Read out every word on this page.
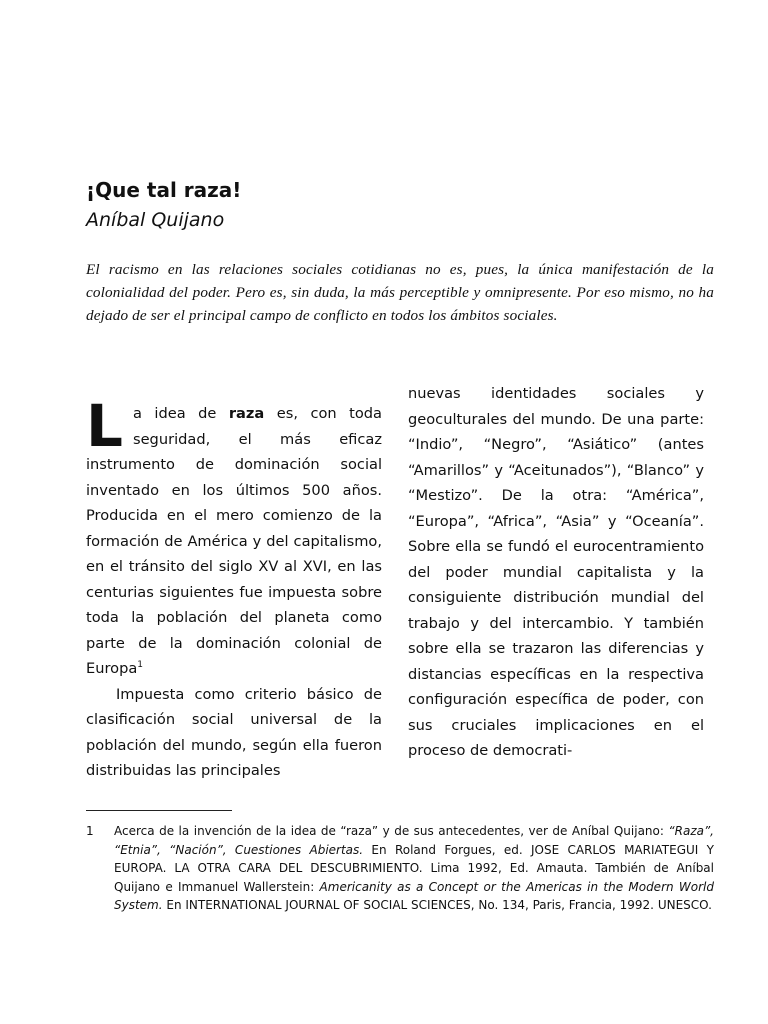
¡Que tal raza!
Aníbal Quijano
El racismo en las relaciones sociales cotidianas no es, pues, la única manifestación de la colonialidad del poder. Pero es, sin duda, la más perceptible y omnipresente. Por eso mismo, no ha dejado de ser el principal campo de conflicto en todos los ámbitos sociales.

La idea de raza es, con toda seguridad, el más eficaz instrumento de dominación social inventado en los últimos 500 años. Producida en el mero comienzo de la formación de América y del capitalismo, en el tránsito del siglo XV al XVI, en las centurias siguientes fue impuesta sobre toda la población del planeta como parte de la dominación colonial de Europa$^1$

Impuesta como criterio básico de clasificación social universal de la población del mundo, según ella fueron distribuidas las principales

nuevas identidades sociales y geoculturales del mundo. De una parte: “Indio”, “Negro”, “Asiático” (antes “Amarillos” y “Aceitunados”), “Blanco” y “Mestizo”. De la otra: “América”, “Europa”, “Africa”, “Asia” y “Oceanía”. Sobre ella se fundó el eurocentramiento del poder mundial capitalista y la consiguiente distribución mundial del trabajo y del intercambio. Y también sobre ella se trazaron las diferencias y distancias específicas en la respectiva configuración específica de poder, con sus cruciales implicaciones en el proceso de democrati-

1 Acerca de la invención de la idea de “raza” y de sus antecedentes, ver de Aníbal Quijano: “Raza”, “Etnia”, “Nación”, Cuestiones Abiertas. En Roland Forgues, ed. JOSE CARLOS MARIATEGUI Y EUROPA. LA OTRA CARA DEL DESCUBRIMIENTO. Lima 1992, Ed. Amauta. También de Aníbal Quijano e Immanuel Wallerstein: Americanity as a Concept or the Americas in the Modern World System. En INTERNATIONAL JOURNAL OF SOCIAL SCIENCES, No. 134, Paris, Francia, 1992. UNESCO.
